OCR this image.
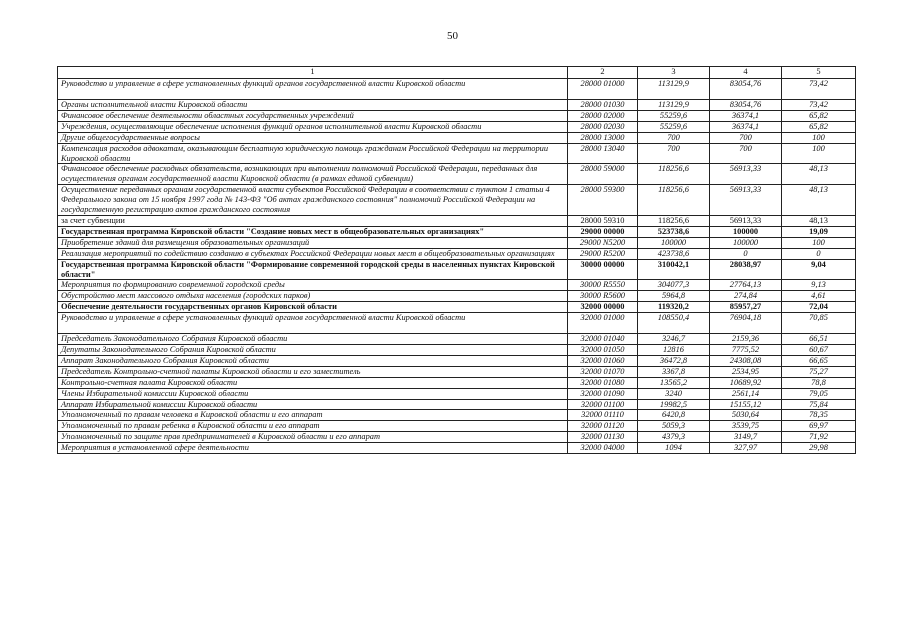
50
1	2	3	4	5
Руководство и управление в сфере установленных функций органов государственной власти Кировской области	28000 01000	113129,9	83054,76	73,42
Органы исполнительной власти Кировской области	28000 01030	113129,9	83054,76	73,42
Финансовое обеспечение деятельности областных государственных учреждений	28000 02000	55259,6	36374,1	65,82
Учреждения, осуществляющие обеспечение исполнения функций органов исполнительной власти Кировской области	28000 02030	55259,6	36374,1	65,82
Другие общегосударственные вопросы	28000 13000	700	700	100
Компенсация расходов адвокатам, оказывающим бесплатную юридическую помощь гражданам Российской Федерации на территории Кировской области	28000 13040	700	700	100
Финансовое обеспечение расходных обязательств, возникающих при выполнении полномочий Российской Федерации, переданных для осуществления органам государственной власти Кировской области (в рамках единой субвенции)	28000 59000	118256,6	56913,33	48,13
Осуществление переданных органам государственной власти субъектов Российской Федерации в соответствии с пунктом 1 статьи 4 Федерального закона от 15 ноября 1997 года № 143-ФЗ "Об актах гражданского состояния" полномочий Российской Федерации на государственную регистрацию актов гражданского состояния	28000 59300	118256,6	56913,33	48,13
за счет субвенции	28000 59310	118256,6	56913,33	48,13
Государственная программа Кировской области "Создание новых мест в общеобразовательных организациях"	29000 00000	523738,6	100000	19,09
Приобретение зданий для размещения образовательных организаций	29000 N5200	100000	100000	100
Реализация мероприятий по содействию созданию в субъектах Российской Федерации новых мест в общеобразовательных организациях	29000 R5200	423738,6	0	0
Государственная программа Кировской области "Формирование современной городской среды в населенных пунктах Кировской области"	30000 00000	310042,1	28038,97	9,04
Мероприятия по формированию современной городской среды	30000 R5550	304077,3	27764,13	9,13
Обустройство мест массового отдыха населения (городских парков)	30000 R5600	5964,8	274,84	4,61
Обеспечение деятельности государственных органов Кировской области	32000 00000	119320,2	85957,27	72,04
Руководство и управление в сфере установленных функций органов государственной власти Кировской области	32000 01000	108550,4	76904,18	70,85
Председатель Законодательного Собрания Кировской области	32000 01040	3246,7	2159,36	66,51
Депутаты Законодательного Собрания Кировской области	32000 01050	12816	7775,52	60,67
Аппарат Законодательного Собрания Кировской области	32000 01060	36472,8	24308,08	66,65
Председатель Контрольно-счетной палаты Кировской области и его заместитель	32000 01070	3367,8	2534,95	75,27
Контрольно-счетная палата Кировской области	32000 01080	13565,2	10689,92	78,8
Члены Избирательной комиссии Кировской области	32000 01090	3240	2561,14	79,05
Аппарат Избирательной комиссии Кировской области	32000 01100	19982,5	15155,12	75,84
Уполномоченный по правам человека в Кировской области и его аппарат	32000 01110	6420,8	5030,64	78,35
Уполномоченный по правам ребенка в Кировской области и его аппарат	32000 01120	5059,3	3539,75	69,97
Уполномоченный по защите прав предпринимателей в Кировской области и его аппарат	32000 01130	4379,3	3149,7	71,92
Мероприятия в установленной сфере деятельности	32000 04000	1094	327,97	29,98
